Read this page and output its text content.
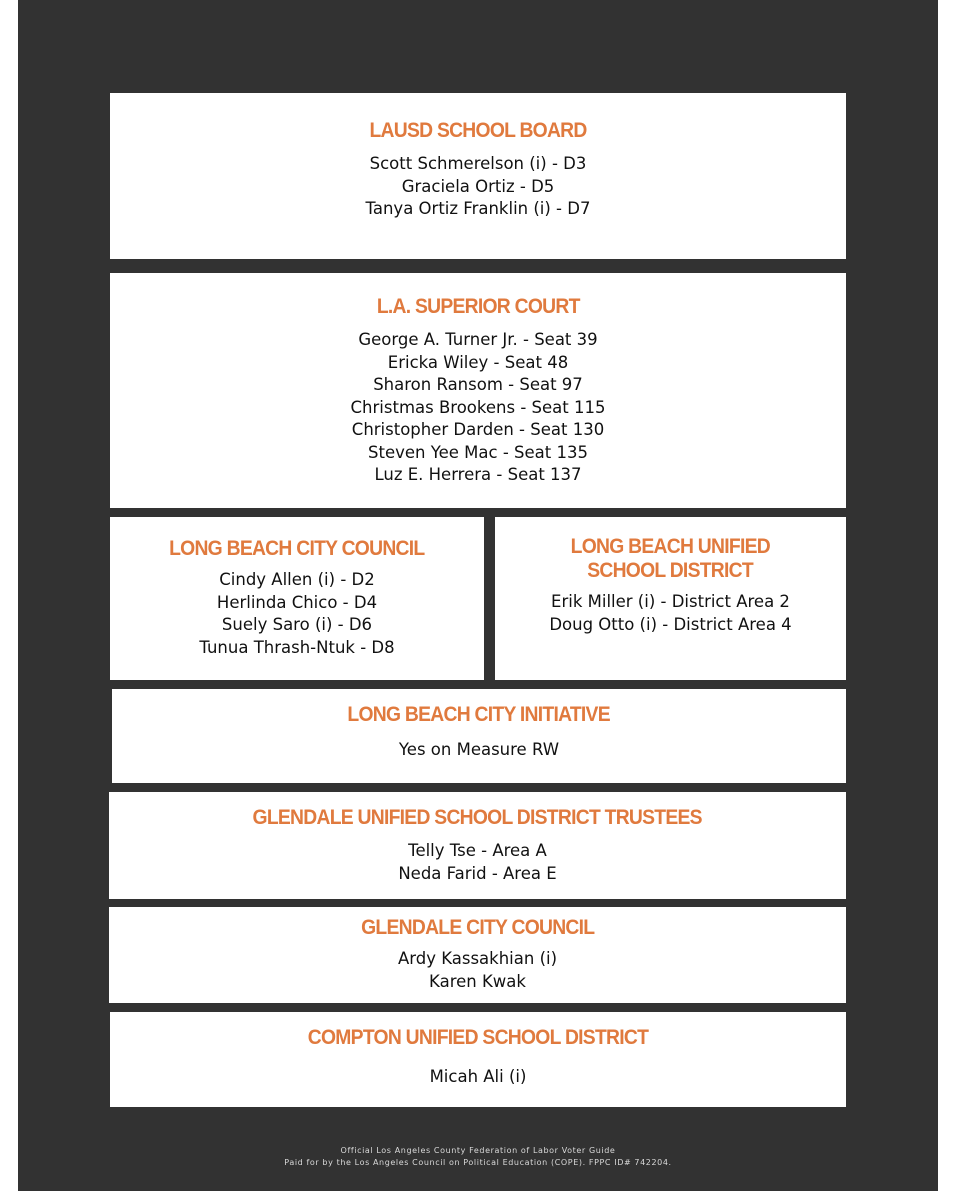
LAUSD SCHOOL BOARD
Scott Schmerelson (i) - D3
Graciela Ortiz - D5
Tanya Ortiz Franklin (i) - D7
L.A. SUPERIOR COURT
George A. Turner Jr. - Seat 39
Ericka Wiley - Seat 48
Sharon Ransom - Seat 97
Christmas Brookens - Seat 115
Christopher Darden - Seat 130
Steven Yee Mac - Seat 135
Luz E. Herrera - Seat 137
LONG BEACH CITY COUNCIL
Cindy Allen (i) - D2
Herlinda Chico - D4
Suely Saro (i) - D6
Tunua Thrash-Ntuk - D8
LONG BEACH UNIFIED
SCHOOL DISTRICT
Erik Miller (i) - District Area 2
Doug Otto (i) - District Area 4
LONG BEACH CITY INITIATIVE
Yes on Measure RW
GLENDALE UNIFIED SCHOOL DISTRICT TRUSTEES
Telly Tse - Area A
Neda Farid - Area E
GLENDALE CITY COUNCIL
Ardy Kassakhian (i)
Karen Kwak
COMPTON UNIFIED SCHOOL DISTRICT
Micah Ali (i)
Official Los Angeles County Federation of Labor Voter Guide
Paid for by the Los Angeles Council on Political Education (COPE). FPPC ID# 742204.
